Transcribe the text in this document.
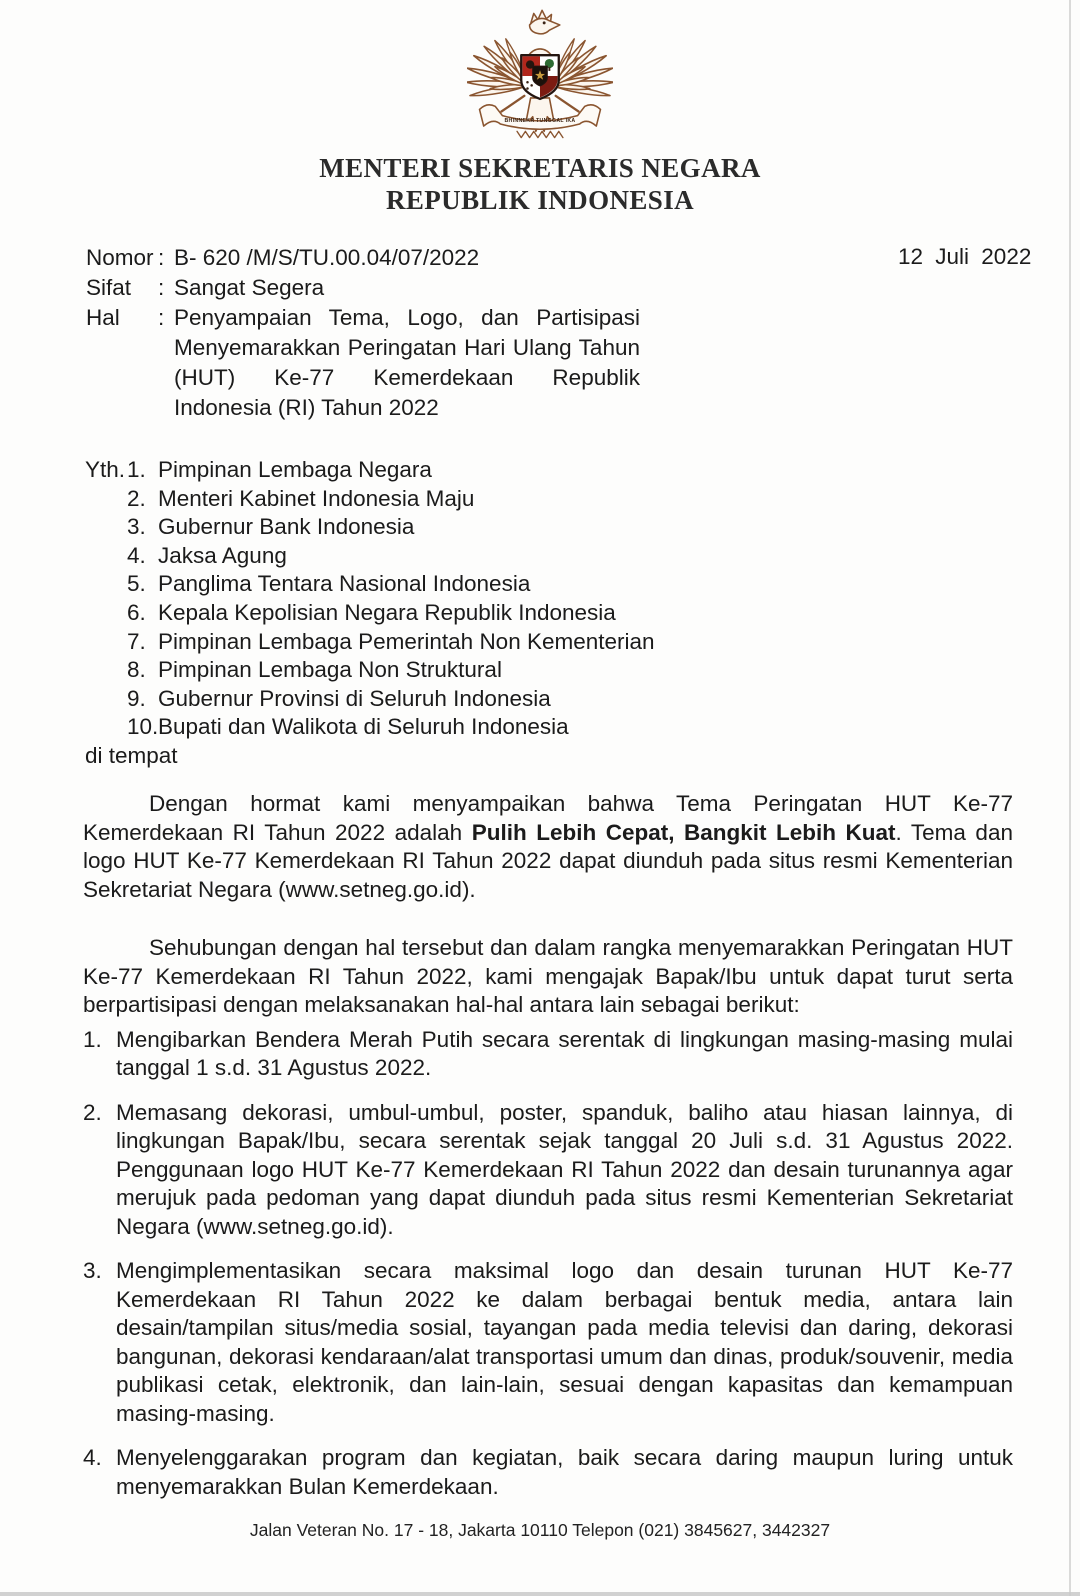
BHINNEKA TUNGGAL IKA
MENTERI SEKRETARIS NEGARA
REPUBLIK INDONESIA
Nomor : B- 620 /M/S/TU.00.04/07/2022
Sifat	: Sangat Segera
Hal	: Penyampaian Tema, Logo, dan Partisipasi Menyemarakkan Peringatan Hari Ulang Tahun (HUT) Ke-77 Kemerdekaan Republik Indonesia (RI) Tahun 2022
12 Juli 2022
Yth. 1. Pimpinan Lembaga Negara
2. Menteri Kabinet Indonesia Maju
3. Gubernur Bank Indonesia
4. Jaksa Agung
5. Panglima Tentara Nasional Indonesia
6. Kepala Kepolisian Negara Republik Indonesia
7. Pimpinan Lembaga Pemerintah Non Kementerian
8. Pimpinan Lembaga Non Struktural
9. Gubernur Provinsi di Seluruh Indonesia
10. Bupati dan Walikota di Seluruh Indonesia
di tempat

Dengan hormat kami menyampaikan bahwa Tema Peringatan HUT Ke-77 Kemerdekaan RI Tahun 2022 adalah Pulih Lebih Cepat, Bangkit Lebih Kuat. Tema dan logo HUT Ke-77 Kemerdekaan RI Tahun 2022 dapat diunduh pada situs resmi Kementerian Sekretariat Negara (www.setneg.go.id).

Sehubungan dengan hal tersebut dan dalam rangka menyemarakkan Peringatan HUT Ke-77 Kemerdekaan RI Tahun 2022, kami mengajak Bapak/Ibu untuk dapat turut serta berpartisipasi dengan melaksanakan hal-hal antara lain sebagai berikut:

1. Mengibarkan Bendera Merah Putih secara serentak di lingkungan masing-masing mulai tanggal 1 s.d. 31 Agustus 2022.
2. Memasang dekorasi, umbul-umbul, poster, spanduk, baliho atau hiasan lainnya, di lingkungan Bapak/Ibu, secara serentak sejak tanggal 20 Juli s.d. 31 Agustus 2022. Penggunaan logo HUT Ke-77 Kemerdekaan RI Tahun 2022 dan desain turunannya agar merujuk pada pedoman yang dapat diunduh pada situs resmi Kementerian Sekretariat Negara (www.setneg.go.id).
3. Mengimplementasikan secara maksimal logo dan desain turunan HUT Ke-77 Kemerdekaan RI Tahun 2022 ke dalam berbagai bentuk media, antara lain desain/tampilan situs/media sosial, tayangan pada media televisi dan daring, dekorasi bangunan, dekorasi kendaraan/alat transportasi umum dan dinas, produk/souvenir, media publikasi cetak, elektronik, dan lain-lain, sesuai dengan kapasitas dan kemampuan masing-masing.
4. Menyelenggarakan program dan kegiatan, baik secara daring maupun luring untuk menyemarakkan Bulan Kemerdekaan.
Jalan Veteran No. 17 - 18, Jakarta 10110 Telepon (021) 3845627, 3442327
